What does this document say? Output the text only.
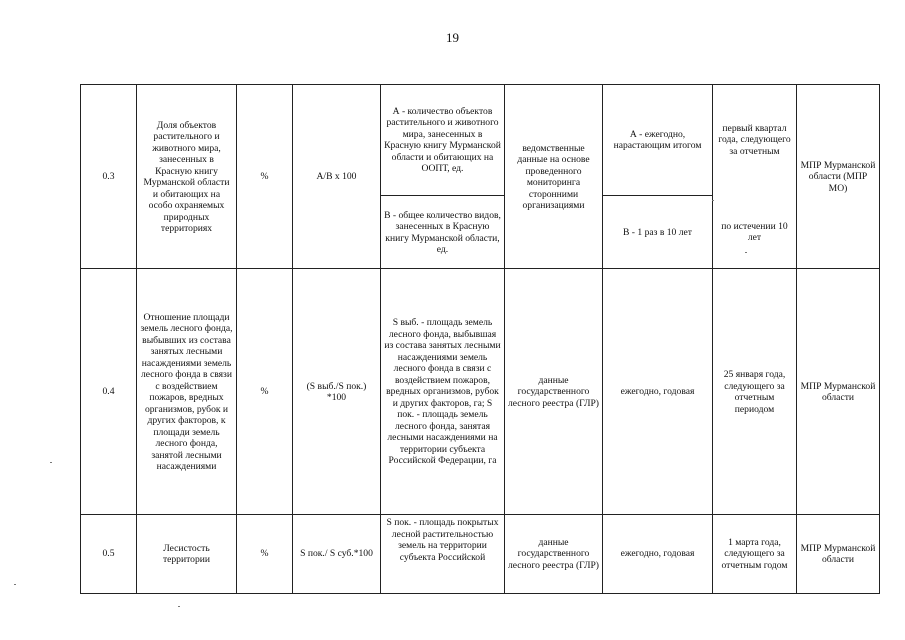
19
0.3
Доля объектов растительного и животного мира, занесенных в Красную книгу Мурманской области и обитающих на особо охраняемых природных территориях
%	A/B х 100
А - количество объектов растительного и животного мира, занесенных в Красную книгу Мурманской области и обитающих на ООПТ, ед.
В - общее количество видов, занесенных в Красную книгу Мурманской области, ед.
ведомственные данные на основе проведенного мониторинга сторонними организациями
А - ежегодно, нарастающим итогом
В - 1 раз в 10 лет
первый квартал года, следующего за отчетным
по истечении 10 лет
МПР Мурманской области (МПР МО)
0.4
Отношение площади земель лесного фонда, выбывших из состава занятых лесными насаждениями земель лесного фонда в связи с воздействием пожаров, вредных организмов, рубок и других факторов, к площади земель лесного фонда, занятой лесными насаждениями
%
(S выб./S пок.) *100
S выб. - площадь земель лесного фонда, выбывшая из состава занятых лесными насаждениями земель лесного фонда в связи с воздействием пожаров, вредных организмов, рубок и других факторов, га; S пок. - площадь земель лесного фонда, занятая лесными насаждениями на территории субъекта Российской Федерации, га
данные государственного лесного реестра (ГЛР)
ежегодно, годовая
25 января года, следующего за отчетным периодом
МПР Мурманской области
0.5
Лесистость территории
%	S пок./ S суб.*100
S пок. - площадь покрытых лесной растительностью земель на территории субъекта Российской
данные государственного лесного реестра (ГЛР)
ежегодно, годовая
1 марта года, следующего за отчетным годом
МПР Мурманской области
